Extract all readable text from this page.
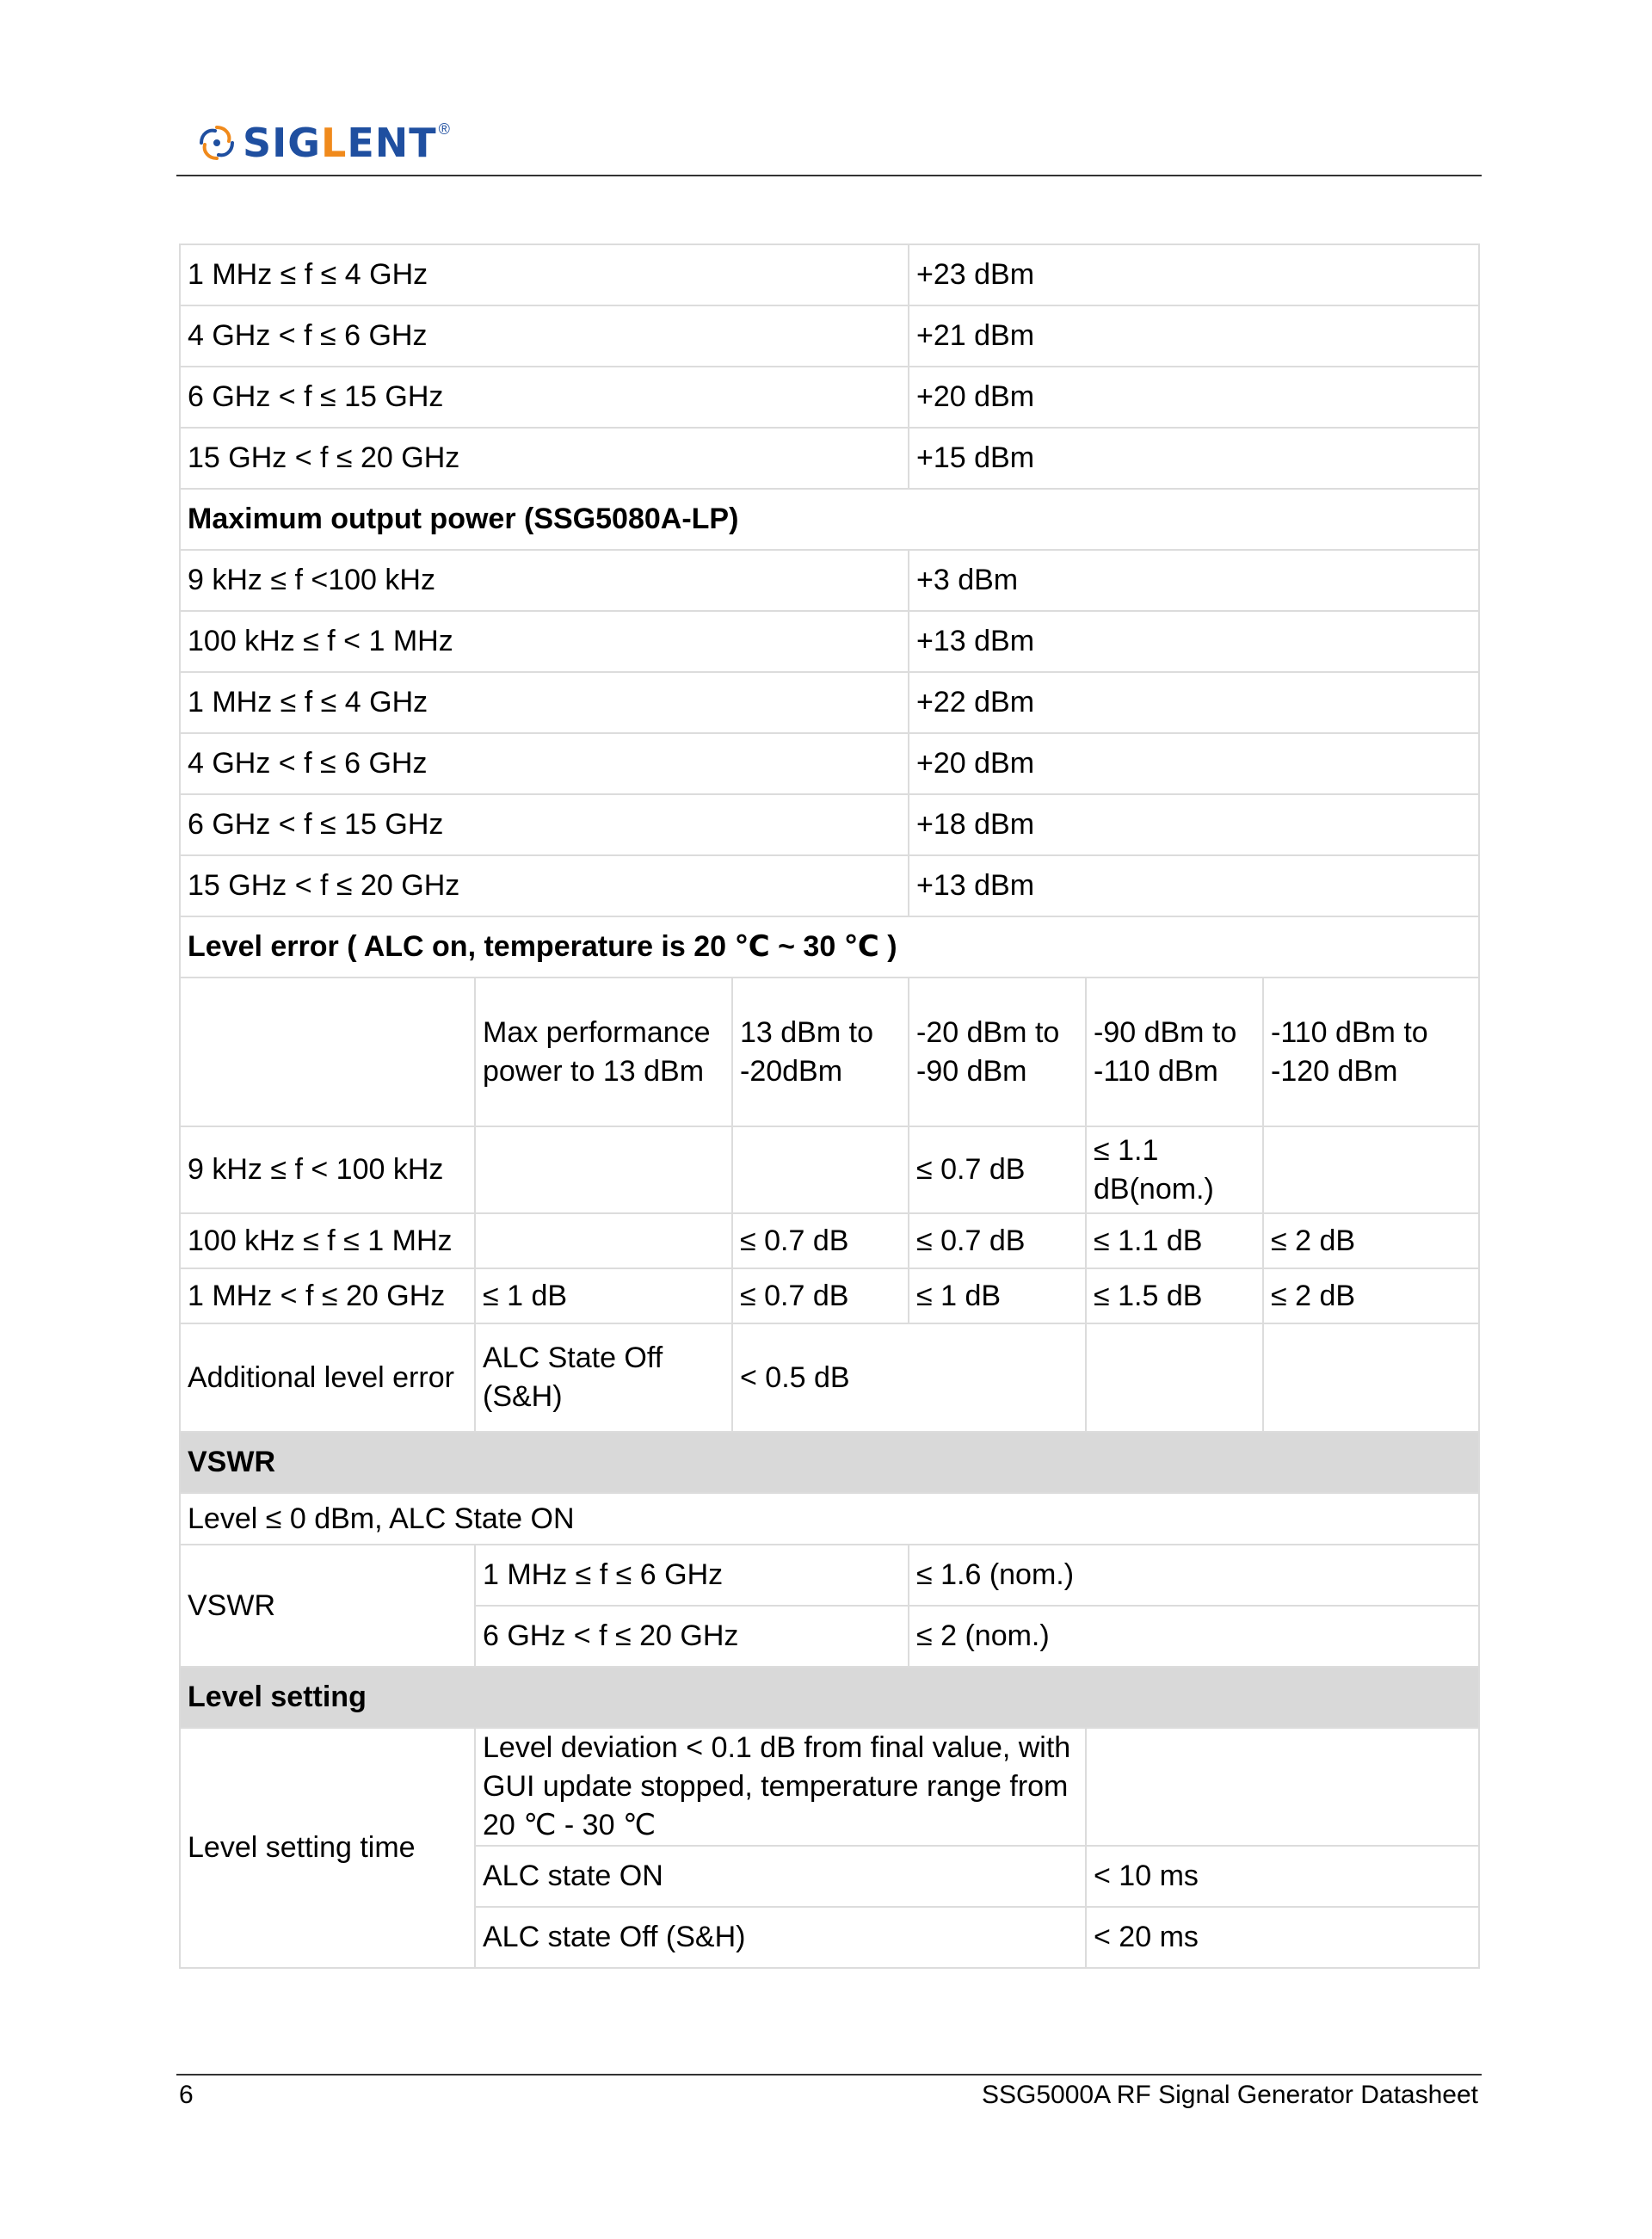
SIGLENT ®
1 MHz ≤ f ≤ 4 GHz			+23 dBm		
4 GHz < f ≤ 6 GHz			+21 dBm		
6 GHz < f ≤ 15 GHz			+20 dBm		
15 GHz < f ≤ 20 GHz			+15 dBm		
Maximum output power (SSG5080A-LP)					
9 kHz ≤ f <100 kHz			+3 dBm		
100 kHz ≤ f < 1 MHz			+13 dBm		
1 MHz ≤ f ≤ 4 GHz			+22 dBm		
4 GHz < f ≤ 6 GHz			+20 dBm		
6 GHz < f ≤ 15 GHz			+18 dBm		
15 GHz < f ≤ 20 GHz			+13 dBm		
Level error ( ALC on, temperature is 20 ℃ ~ 30 ℃ )					
	Max performance power to 13 dBm	13 dBm to -20dBm	-20 dBm to -90 dBm	-90 dBm to -110 dBm	-110 dBm to -120 dBm
9 kHz ≤ f < 100 kHz			≤ 0.7 dB	≤ 1.1 dB(nom.)	
100 kHz ≤ f ≤ 1 MHz		≤ 0.7 dB	≤ 0.7 dB	≤ 1.1 dB	≤ 2 dB
1 MHz < f ≤ 20 GHz	≤ 1 dB	≤ 0.7 dB	≤ 1 dB	≤ 1.5 dB	≤ 2 dB
Additional level error	ALC State Off (S&H)	< 0.5 dB			
VSWR					
Level ≤ 0 dBm, ALC State ON					
VSWR	1 MHz ≤ f ≤ 6 GHz		≤ 1.6 (nom.)		
	6 GHz < f ≤ 20 GHz		≤ 2 (nom.)		
Level setting					
Level setting time	Level deviation < 0.1 dB from final value, with GUI update stopped, temperature range from 20 ℃ - 30 ℃				
	ALC state ON			< 10 ms	
	ALC state Off (S&H)			< 20 ms	
6	SSG5000A RF Signal Generator Datasheet
